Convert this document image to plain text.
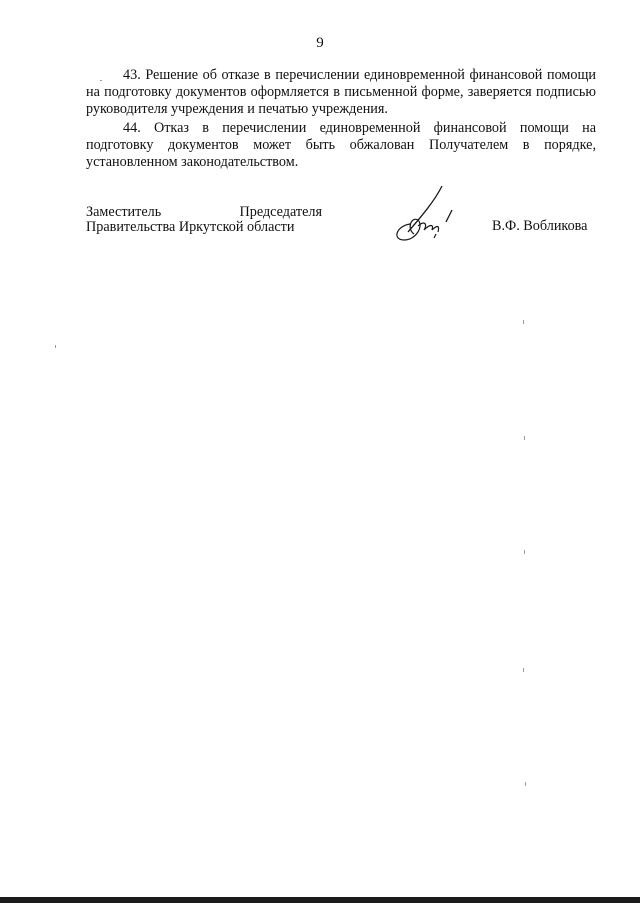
9

43. Решение об отказе в перечислении единовременной финансовой помощи на подготовку документов оформляется в письменной форме, заверяется подписью руководителя учреждения и печатью учреждения.

44. Отказ в перечислении единовременной финансовой помощи на подготовку документов может быть обжалован Получателем в порядке, установленном законодательством.

Заместитель	Председателя
Правительства Иркутской области	В.Ф. Вобликова
